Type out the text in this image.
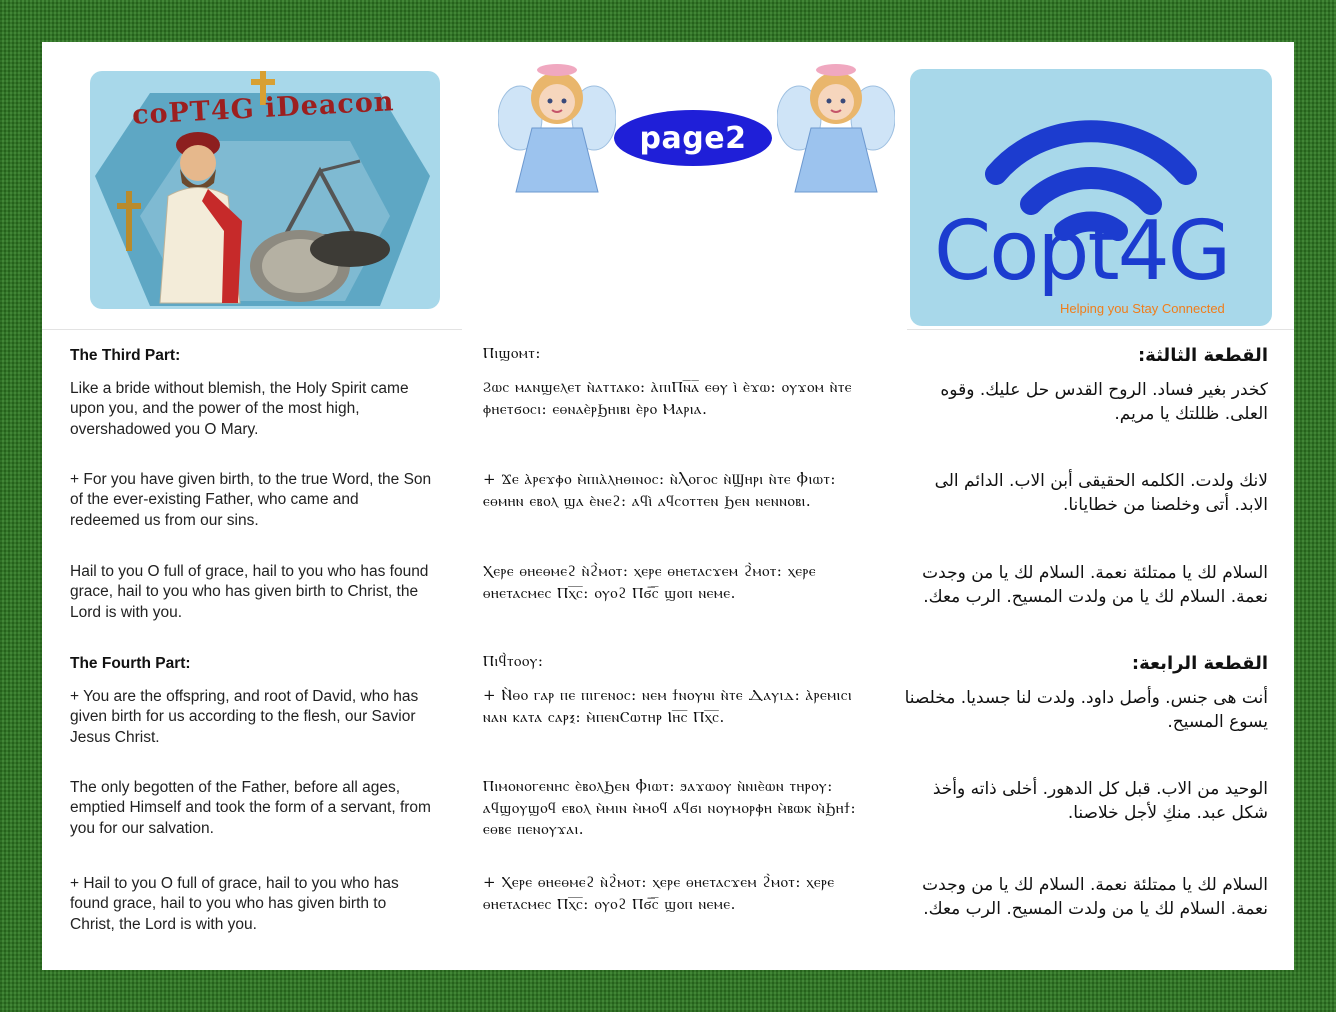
coPT4G iDeacon
page2
Copt4G
Helping you Stay Connected
The Third Part:
Like a bride without blemish, the Holy Spirit came upon you, and the power of the most high, overshadowed you O Mary.
+ For you have given birth, to the true Word, the Son of the ever-existing Father, who came and redeemed us from our sins.
Hail to you O full of grace, hail to you who has found grace, hail to you who has given birth to Christ, the Lord is with you.
The Fourth Part:
+ You are the offspring, and root of David, who has given birth for us according to the flesh, our Savior Jesus Christ.
The only begotten of the Father, before all ages, emptied Himself and took the form of a servant, from you for our salvation.
+ Hail to you O full of grace, hail to you who has found grace, hail to you who has given birth to Christ, the Lord is with you.
Ⲡⲓϣⲟⲙⲧ:
Ϩⲱⲥ ⲙⲁⲛϣⲉⲗⲉⲧ ⲛ̀ⲁⲧⲧⲁⲕⲟ: ⲁ̀ⲡⲓⲠⲛ̅ⲁ̅ ⲉⲑⲩ ⲓ̀ ⲉ̀ϫⲱ: ⲟⲩϫⲟⲙ ⲛ̀ⲧⲉ ⲫⲏⲉⲧϭⲟⲥⲓ: ⲉⲑⲛⲁⲉ̀ⲣϦⲏⲓⲃⲓ ⲉ̀ⲣⲟ Ⲙⲁⲣⲓⲁ.
+ Ϫⲉ ⲁ̀ⲣⲉϫⲫⲟ ⲙ̀ⲡⲓⲁ̀ⲗⲏⲑⲓⲛⲟⲥ: ⲛ̀Ⲗⲟⲅⲟⲥ ⲛ̀Ϣⲏⲣⲓ ⲛ̀ⲧⲉ Ⲫⲓⲱⲧ: ⲉⲑⲙⲏⲛ ⲉⲃⲟⲗ ϣⲁ ⲉ̀ⲛⲉϩ: ⲁϥⲓ̀ ⲁϥⲥⲟⲧⲧⲉⲛ Ϧⲉⲛ ⲛⲉⲛⲛⲟⲃⲓ.
Ⲭⲉⲣⲉ ⲑⲏⲉⲑⲙⲉϩ ⲛ̀ϩ̀ⲙⲟⲧ: ⲭⲉⲣⲉ ⲑⲏⲉⲧⲁⲥϫⲉⲙ ϩ̀ⲙⲟⲧ: ⲭⲉⲣⲉ ⲑⲏⲉⲧⲁⲥⲙⲉⲥ Ⲡⲭ̅ⲥ̅: ⲟⲩⲟϩ Ⲡϭ̅ⲥ̅ ϣⲟⲡ ⲛⲉⲙⲉ.
Ⲡⲓϥ̀ⲧⲟⲟⲩ:
+ Ⲛ̀ⲑⲟ ⲅⲁⲣ ⲡⲉ ⲡⲓⲅⲉⲛⲟⲥ: ⲛⲉⲙ ϯⲛⲟⲩⲛⲓ ⲛ̀ⲧⲉ Ⲇⲁⲩⲓⲇ: ⲁ̀ⲣⲉⲙⲓⲥⲓ ⲛⲁⲛ ⲕⲁⲧⲁ ⲥⲁⲣⲝ: ⲙ̀ⲡⲉⲛⲤⲱⲧⲏⲣ Ⲓⲏ̅ⲥ̅ Ⲡⲭ̅ⲥ̅.
Ⲡⲓⲙⲟⲛⲟⲅⲉⲛⲏⲥ ⲉ̀ⲃⲟⲗϦⲉⲛ Ⲫⲓⲱⲧ: ϧⲁϫⲱⲟⲩ ⲛ̀ⲛⲓⲉ̀ⲱⲛ ⲧⲏⲣⲟⲩ: ⲁϥϣⲟⲩϣⲟϥ ⲉⲃⲟⲗ ⲙ̀ⲙⲓⲛ ⲙ̀ⲙⲟϥ ⲁϥϭⲓ ⲛⲟⲩⲙⲟⲣⲫⲏ ⲙ̀ⲃⲱⲕ ⲛ̀Ϧⲏϯ: ⲉⲑⲃⲉ ⲡⲉⲛⲟⲩϫⲁⲓ.
+ Ⲭⲉⲣⲉ ⲑⲏⲉⲑⲙⲉϩ ⲛ̀ϩ̀ⲙⲟⲧ: ⲭⲉⲣⲉ ⲑⲏⲉⲧⲁⲥϫⲉⲙ ϩ̀ⲙⲟⲧ: ⲭⲉⲣⲉ ⲑⲏⲉⲧⲁⲥⲙⲉⲥ Ⲡⲭ̅ⲥ̅: ⲟⲩⲟϩ Ⲡϭ̅ⲥ̅ ϣⲟⲡ ⲛⲉⲙⲉ.
القطعة الثالثة:
كخدر بغير فساد. الروح القدس حل عليك. وقوه العلى. ظللتك يا مريم.
لانك ولدت. الكلمه الحقيقى أبن الاب. الدائم الى الابد. أتى وخلصنا من خطايانا.
السلام لك يا ممتلئة نعمة. السلام لك يا من وجدت نعمة. السلام لك يا من ولدت المسيح. الرب معك.
القطعة الرابعة:
أنت هى جنس. وأصل داود. ولدت لنا جسديا. مخلصنا يسوع المسيح.
الوحيد من الاب. قبل كل الدهور. أخلى ذاته وأخذ شكل عبد. منكِ لأجل خلاصنا.
السلام لك يا ممتلئة نعمة. السلام لك يا من وجدت نعمة. السلام لك يا من ولدت المسيح. الرب معك.
